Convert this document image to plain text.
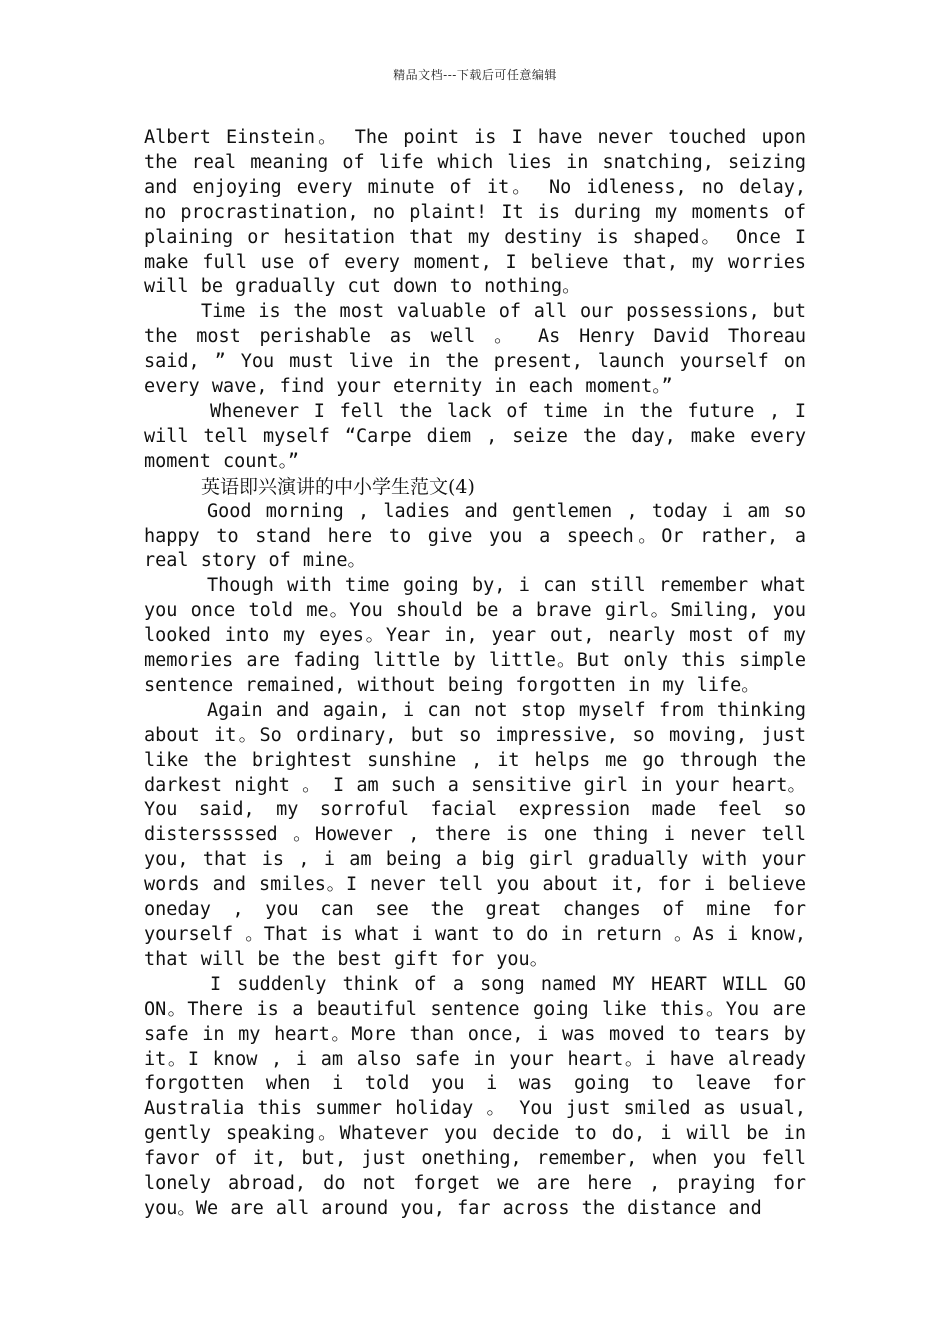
精品文档---下载后可任意编辑

Albert Einstein。 The point is I have never touched upon the real meaning of life which lies in snatching, seizing and enjoying every minute of it。 No idleness, no delay, no procrastination, no plaint! It is during my moments of plaining or hesitation that my destiny is shaped。 Once I make full use of every moment, I believe that, my worries will be gradually cut down to nothing。

Time is the most valuable of all our possessions, but the most perishable as well 。 As Henry David Thoreau said, ” You must live in the present, launch yourself on every wave, find your eternity in each moment。”

Whenever I fell the lack of time in the future , I will tell myself “Carpe diem , seize the day, make every moment count。”

英语即兴演讲的中小学生范文(4)

Good morning , ladies and gentlemen , today i am so happy to stand here to give you a speech。Or rather, a real story of mine。

Though with time going by, i can still remember what you once told me。You should be a brave girl。Smiling, you looked into my eyes。Year in, year out, nearly most of my memories are fading little by little。But only this simple sentence remained, without being forgotten in my life。

Again and again, i can not stop myself from thinking about it。So ordinary, but so impressive, so moving, just like the brightest sunshine , it helps me go through the darkest night 。 I am such a sensitive girl in your heart。You said, my sorroful facial expression made feel so disterssssed 。However , there is one thing i never tell you, that is , i am being a big girl gradually with your words and smiles。I never tell you about it, for i believe oneday , you can see the great changes of mine for yourself 。That is what i want to do in return 。As i know, that will be the best gift for you。

I suddenly think of a song named MY HEART WILL GO ON。There is a beautiful sentence going like this。You are safe in my heart。More than once, i was moved to tears by it。I know , i am also safe in your heart。i have already forgotten when i told you i was going to leave for Australia this summer holiday 。 You just smiled as usual, gently speaking。Whatever you decide to do, i will be in favor of it, but, just onething, remember, when you fell lonely abroad, do not forget we are here , praying for you。We are all around you, far across the distance and
